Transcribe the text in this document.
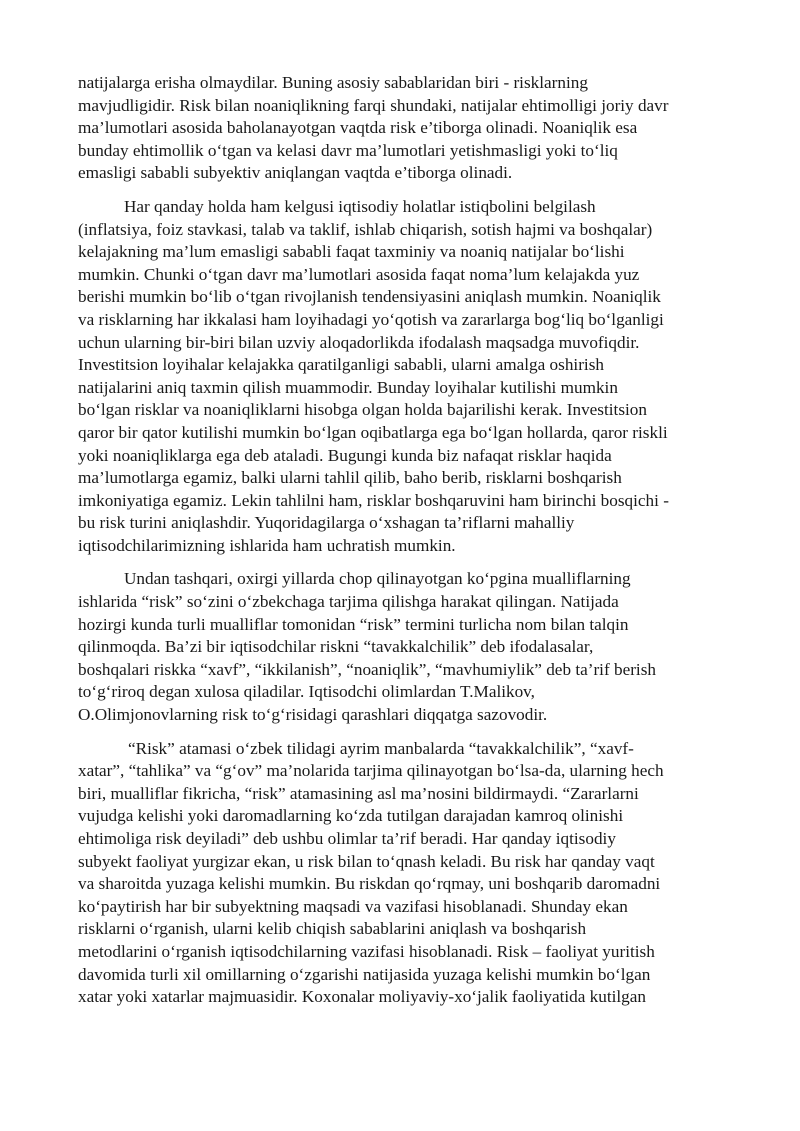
natijalarga erisha olmaydilar. Buning asosiy sabablaridan biri - risklarning
mavjudligidir. Risk bilan noaniqlikning farqi shundaki, natijalar ehtimolligi joriy davr
ma’lumotlari asosida baholanayotgan vaqtda risk e’tiborga olinadi. Noaniqlik esa
bunday ehtimollik o‘tgan va kelasi davr ma’lumotlari yetishmasligi yoki to‘liq
emasligi sababli subyektiv aniqlangan vaqtda e’tiborga olinadi.
Har qanday holda ham kelgusi iqtisodiy holatlar istiqbolini belgilash
(inflatsiya, foiz stavkasi, talab va taklif, ishlab chiqarish, sotish hajmi va boshqalar)
kelajakning ma’lum emasligi sababli faqat taxminiy va noaniq natijalar bo‘lishi
mumkin. Chunki o‘tgan davr ma’lumotlari asosida faqat noma’lum kelajakda yuz
berishi mumkin bo‘lib o‘tgan rivojlanish tendensiyasini aniqlash mumkin. Noaniqlik
va risklarning har ikkalasi ham loyihadagi yo‘qotish va zararlarga bog‘liq bo‘lganligi
uchun ularning bir-biri bilan uzviy aloqadorlikda ifodalash maqsadga muvofiqdir.
Investitsion loyihalar kelajakka qaratilganligi sababli, ularni amalga oshirish
natijalarini aniq taxmin qilish muammodir. Bunday loyihalar kutilishi mumkin
bo‘lgan risklar va noaniqliklarni hisobga olgan holda bajarilishi kerak. Investitsion
qaror bir qator kutilishi mumkin bo‘lgan oqibatlarga ega bo‘lgan hollarda, qaror riskli
yoki noaniqliklarga ega deb ataladi. Bugungi kunda biz nafaqat risklar haqida
ma’lumotlarga egamiz, balki ularni tahlil qilib, baho berib, risklarni boshqarish
imkoniyatiga egamiz. Lekin tahlilni ham, risklar boshqaruvini ham birinchi bosqichi -
bu risk turini aniqlashdir. Yuqoridagilarga o‘xshagan ta’riflarni mahalliy
iqtisodchilarimizning ishlarida ham uchratish mumkin.
Undan tashqari, oxirgi yillarda chop qilinayotgan ko‘pgina mualliflarning
ishlarida “risk” so‘zini o‘zbekchaga tarjima qilishga harakat qilingan. Natijada
hozirgi kunda turli mualliflar tomonidan “risk” termini turlicha nom bilan talqin
qilinmoqda. Ba’zi bir iqtisodchilar riskni “tavakkalchilik” deb ifodalasalar,
boshqalari riskka “xavf”, “ikkilanish”, “noaniqlik”, “mavhumiylik” deb ta’rif berish
to‘g‘riroq degan xulosa qiladilar. Iqtisodchi olimlardan T.Malikov,
O.Olimjonovlarning risk to‘g‘risidagi qarashlari diqqatga sazovodir.
“Risk” atamasi o‘zbek tilidagi ayrim manbalarda “tavakkalchilik”, “xavf-
xatar”, “tahlika” va “g‘ov” ma’nolarida tarjima qilinayotgan bo‘lsa-da, ularning hech
biri, mualliflar fikricha, “risk” atamasining asl ma’nosini bildirmaydi. “Zararlarni
vujudga kelishi yoki daromadlarning ko‘zda tutilgan darajadan kamroq olinishi
ehtimoliga risk deyiladi” deb ushbu olimlar ta’rif beradi. Har qanday iqtisodiy
subyekt faoliyat yurgizar ekan, u risk bilan to‘qnash keladi. Bu risk har qanday vaqt
va sharoitda yuzaga kelishi mumkin. Bu riskdan qo‘rqmay, uni boshqarib daromadni
ko‘paytirish har bir subyektning maqsadi va vazifasi hisoblanadi. Shunday ekan
risklarni o‘rganish, ularni kelib chiqish sabablarini aniqlash va boshqarish
metodlarini o‘rganish iqtisodchilarning vazifasi hisoblanadi. Risk – faoliyat yuritish
davomida turli xil omillarning o‘zgarishi natijasida yuzaga kelishi mumkin bo‘lgan
xatar yoki xatarlar majmuasidir. Koxonalar moliyaviy-xo‘jalik faoliyatida kutilgan
